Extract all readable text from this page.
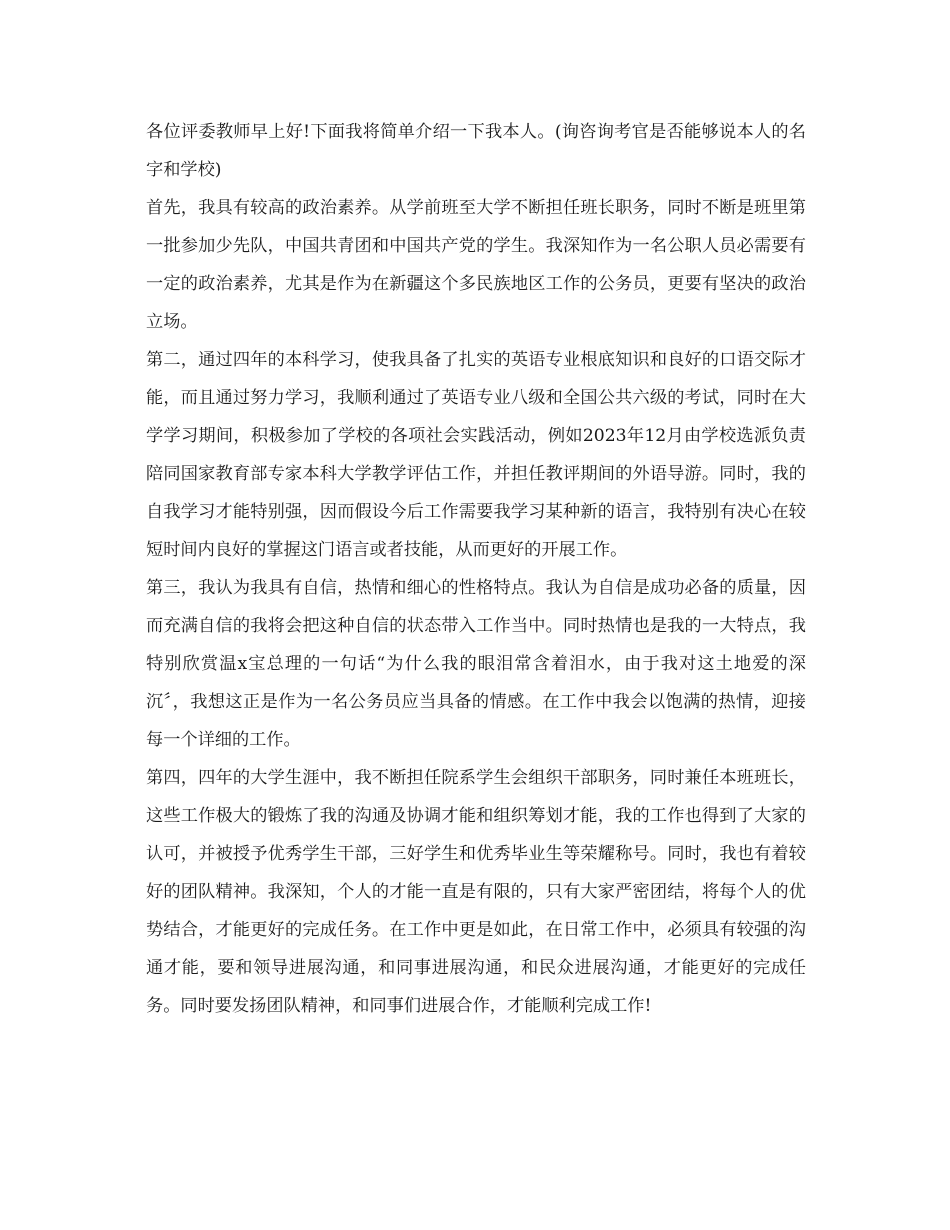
各位评委教师早上好!下面我将简单介绍一下我本人。(询咨询考官是否能够说本人的名字和学校)

首先，我具有较高的政治素养。从学前班至大学不断担任班长职务，同时不断是班里第一批参加少先队，中国共青团和中国共产党的学生。我深知作为一名公职人员必需要有一定的政治素养，尤其是作为在新疆这个多民族地区工作的公务员，更要有坚决的政治立场。

第二，通过四年的本科学习，使我具备了扎实的英语专业根底知识和良好的口语交际才能，而且通过努力学习，我顺利通过了英语专业八级和全国公共六级的考试，同时在大学学习期间，积极参加了学校的各项社会实践活动，例如2023年12月由学校选派负责陪同国家教育部专家本科大学教学评估工作，并担任教评期间的外语导游。同时，我的自我学习才能特别强，因而假设今后工作需要我学习某种新的语言，我特别有决心在较短时间内良好的掌握这门语言或者技能，从而更好的开展工作。

第三，我认为我具有自信，热情和细心的性格特点。我认为自信是成功必备的质量，因而充满自信的我将会把这种自信的状态带入工作当中。同时热情也是我的一大特点，我特别欣赏温x宝总理的一句话“为什么我的眼泪常含着泪水，由于我对这土地爱的深沉〞，我想这正是作为一名公务员应当具备的情感。在工作中我会以饱满的热情，迎接每一个详细的工作。

第四，四年的大学生涯中，我不断担任院系学生会组织干部职务，同时兼任本班班长，这些工作极大的锻炼了我的沟通及协调才能和组织筹划才能，我的工作也得到了大家的认可，并被授予优秀学生干部，三好学生和优秀毕业生等荣耀称号。同时，我也有着较好的团队精神。我深知，个人的才能一直是有限的，只有大家严密团结，将每个人的优势结合，才能更好的完成任务。在工作中更是如此，在日常工作中，必须具有较强的沟通才能，要和领导进展沟通，和同事进展沟通，和民众进展沟通，才能更好的完成任务。同时要发扬团队精神，和同事们进展合作，才能顺利完成工作!
